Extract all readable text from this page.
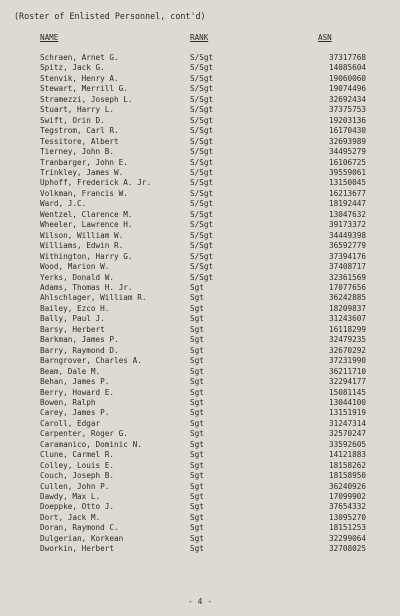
(Roster of Enlisted Personnel, cont'd)
NAME	RANK	ASN
Schraen, Arnet G.	S/Sgt	37317768
Spitz, Jack G.	S/Sgt	14085604
Stenvik, Henry A.	S/Sgt	19060060
Stewart, Merrill G.	S/Sgt	19074496
Stramezzi, Joseph L.	S/Sgt	32692434
Stuart, Harry L.	S/Sgt	37375753
Swift, Orin D.	S/Sgt	19203136
Tegstrom, Carl R.	S/Sgt	16170430
Tessitore, Albert	S/Sgt	32693989
Tierney, John B.	S/Sgt	34495279
Tranbarger, John E.	S/Sgt	16106725
Trinkley, James W.	S/Sgt	39559061
Uphoff, Frederick A. Jr.	S/Sgt	13150045
Volkman, Francis W.	S/Sgt	16213677
Ward, J.C.	S/Sgt	18192447
Wentzel, Clarence M.	S/Sgt	13047632
Wheeler, Lawrence H.	S/Sgt	39173372
Wilson, William W.	S/Sgt	34449398
Williams, Edwin R.	S/Sgt	36592779
Withington, Harry G.	S/Sgt	37394176
Wood, Marion W.	S/Sgt	37408717
Yerks, Donald W.	S/Sgt	32361569
Adams, Thomas H. Jr.	Sgt	17077656
Ahlschlager, William R.	Sgt	36242885
Bailey, Ezco H.	Sgt	18209837
Bally, Paul J.	Sgt	31243607
Barsy, Herbert	Sgt	16118299
Barkman, James P.	Sgt	32479235
Barry, Raymond D.	Sgt	32670292
Barngrover, Charles A.	Sgt	37231990
Beam, Dale M.	Sgt	36211710
Behan, James P.	Sgt	32294177
Berry, Howard E.	Sgt	15081145
Bowen, Ralph	Sgt	13044100
Carey, James P.	Sgt	13151919
Caroll, Edgar	Sgt	31247314
Carpenter, Roger G.	Sgt	32570247
Caramanico, Dominic N.	Sgt	33592605
Clune, Carmel R.	Sgt	14121883
Colley, Louis E.	Sgt	18158262
Couch, Joseph B.	Sgt	18158950
Cullen, John P.	Sgt	36240926
Dawdy, Max L.	Sgt	17099902
Doeppke, Otto J.	Sgt	37654332
Dort, Jack M.	Sgt	13095270
Doran, Raymond C.	Sgt	18151253
Dulgerian, Korkean	Sgt	32299064
Dworkin, Herbert	Sgt	32708025
- 4 -
